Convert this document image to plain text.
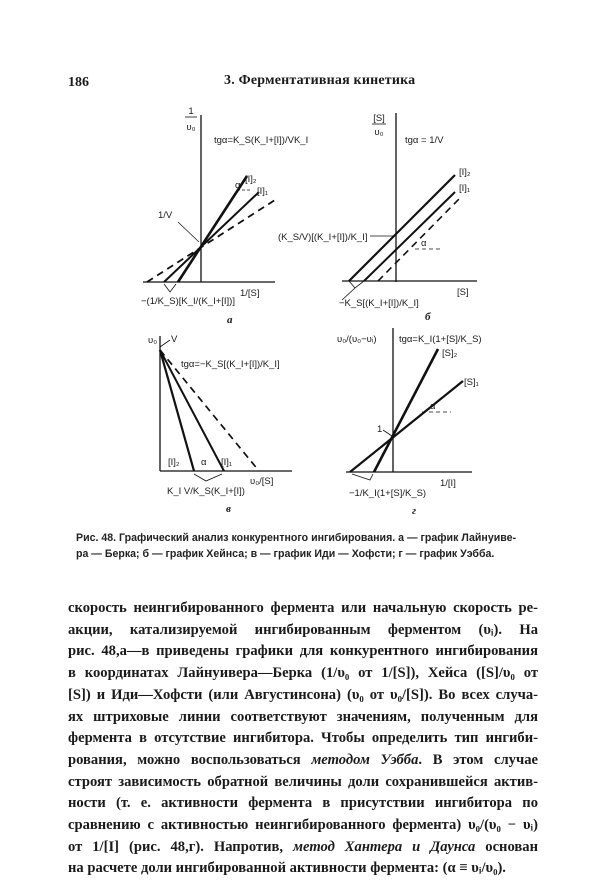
186	3. Ферментативная кинетика
1
υ₀
tgα=K_S(K_I+[I])/VK_I
α
[I]₂
[I]₁
1/V
1/[S]
−(1/K_S)[K_I/(K_I+[I])]
а
[S]
υ₀
tgα = 1/V
α
[I]₂
[I]₁
(K_S/V)[(K_I+[I])/K_I]
[S]
−K_S[(K_I+[I])/K_I]
б
υ₀ V
tgα=−K_S[(K_I+[I])/K_I]
[I]₂ α [I]₁
υ₀/[S]
K_I V/K_S(K_I+[I])
в
υ₀/(υ₀−υᵢ) tgα=K_I(1+[S]/K_S)
[S]₂
[S]₁
α
1
1/[I]
−1/K_I(1+[S]/K_S)
г
Рис. 48. Графический анализ конкурентного ингибирования. а — график Лайнуиве-
ра — Берка; б — график Хейнса; в — график Иди — Хофсти; г — график Уэбба.
скорость неингибированного фермента или начальную скорость ре-
акции, катализируемой ингибированным ферментом (υᵢ). На
рис. 48,а—в приведены графики для конкурентного ингибирования
в координатах Лайнуивера—Берка (1/υ₀ от 1/[S]), Хейса ([S]/υ₀ от
[S]) и Иди—Хофсти (или Августинсона) (υ₀ от υ₀/[S]). Во всех случа-
ях штриховые линии соответствуют значениям, полученным для
фермента в отсутствие ингибитора. Чтобы определить тип ингиби-
рования, можно воспользоваться методом Уэбба. В этом случае
строят зависимость обратной величины доли сохранившейся актив-
ности (т. е. активности фермента в присутствии ингибитора по
сравнению с активностью неингибированного фермента) υ₀/(υ₀ − υᵢ)
от 1/[I] (рис. 48,г). Напротив, метод Хантера и Даунса основан
на расчете доли ингибированной активности фермента: (α ≡ υᵢ/υ₀).
